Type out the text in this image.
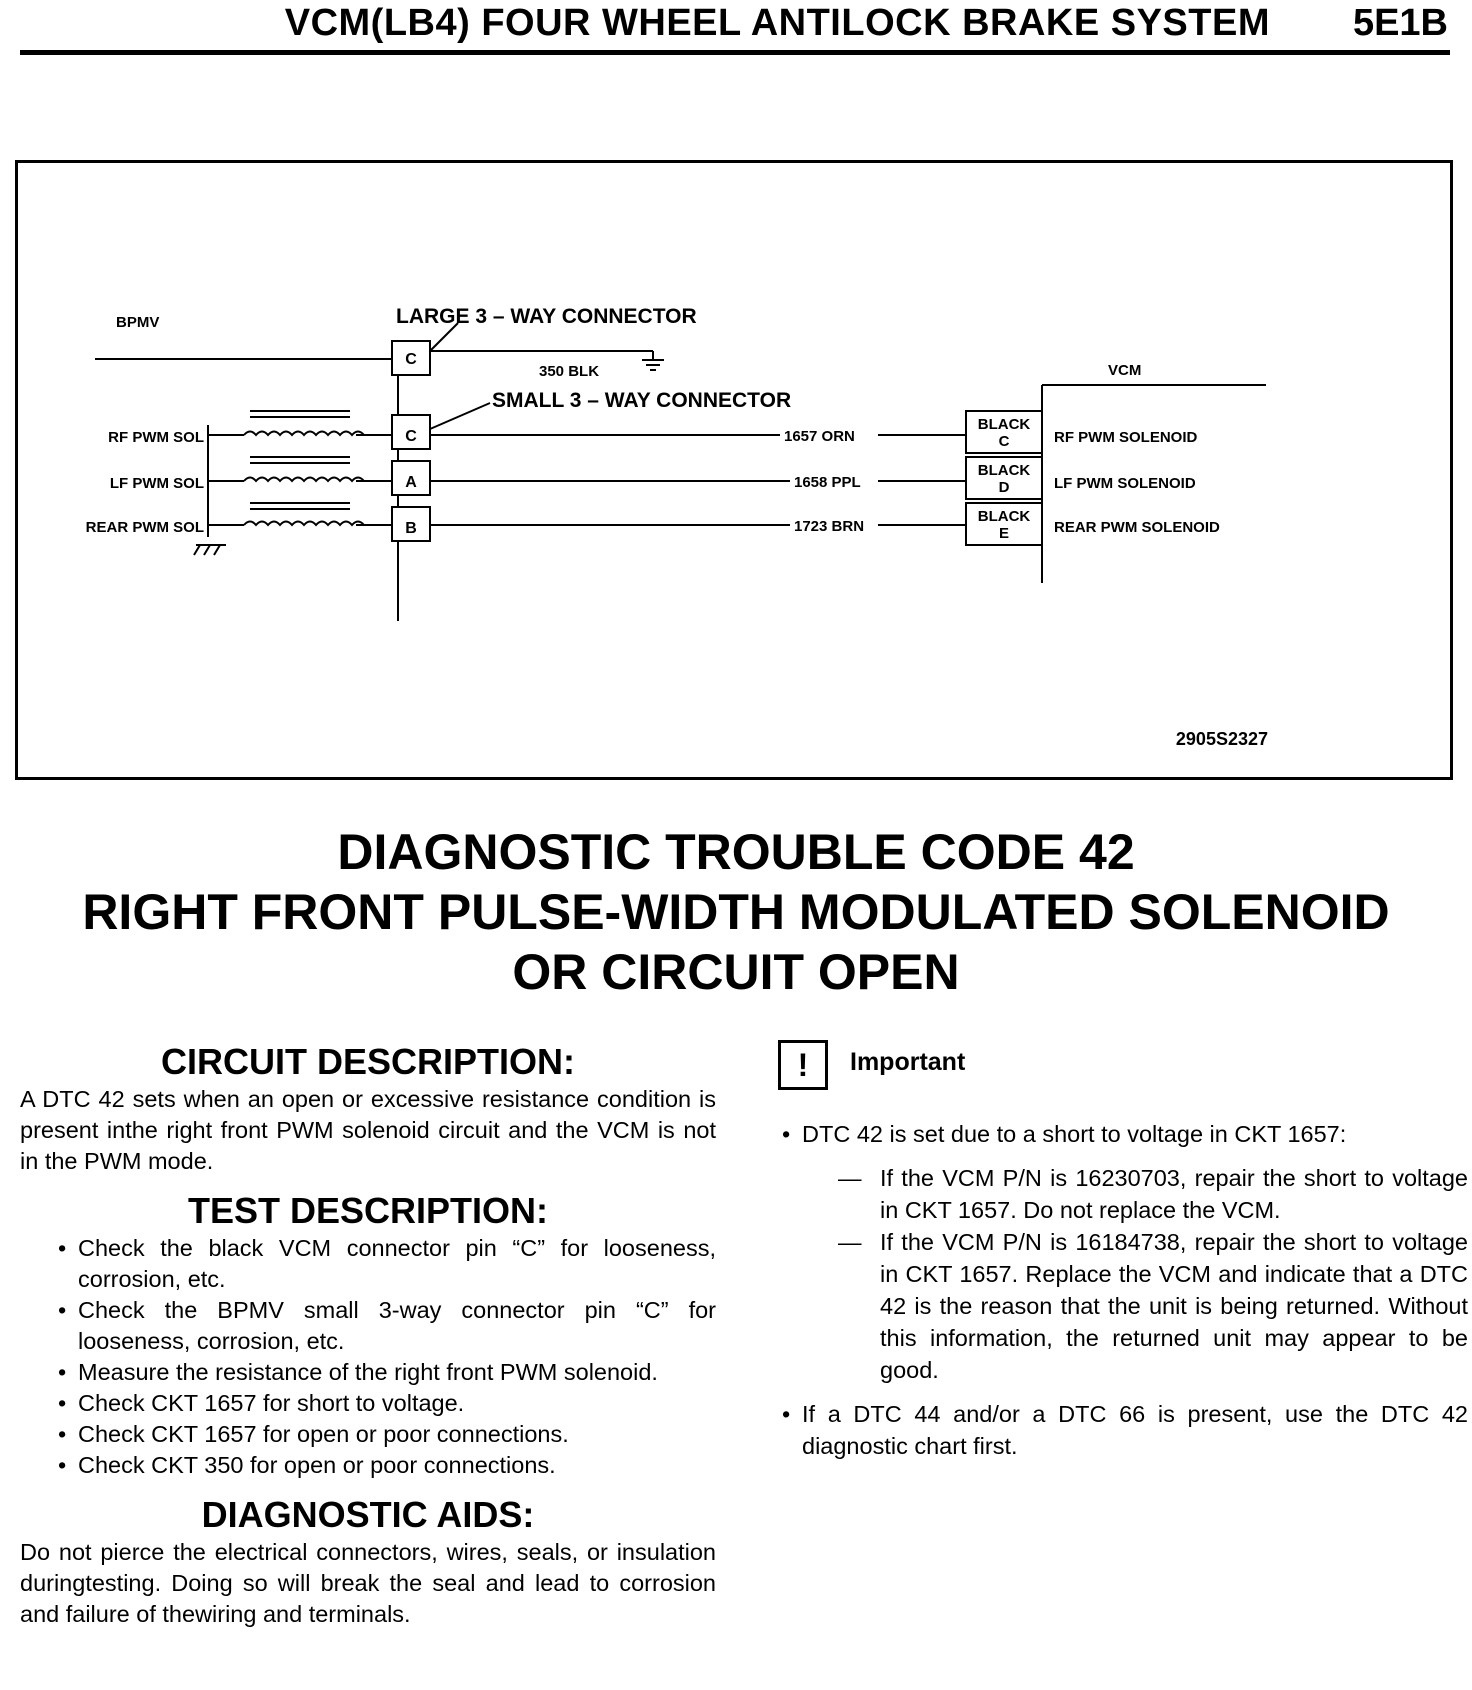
VCM(LB4) FOUR WHEEL ANTILOCK BRAKE SYSTEM 5E1B
BPMV	LARGE 3 – WAY CONNECTOR
C
350 BLK
SMALL 3 – WAY CONNECTOR
VCM
RF PWM SOL
LF PWM SOL
REAR PWM SOL
C
A
B
1657 ORN
1658 PPL
1723 BRN
BLACK
C
BLACK
D
BLACK
E
RF PWM SOLENOID
LF PWM SOLENOID
REAR PWM SOLENOID
2905S2327
DIAGNOSTIC TROUBLE CODE 42
RIGHT FRONT PULSE-WIDTH MODULATED SOLENOID
OR CIRCUIT OPEN
CIRCUIT DESCRIPTION:

A DTC 42 sets when an open or excessive resistance condition is present inthe right front PWM solenoid circuit and the VCM is not in the PWM mode.

TEST DESCRIPTION:
• Check the black VCM connector pin “C” for looseness, corrosion, etc.
• Check the BPMV small 3-way connector pin “C” for looseness, corrosion, etc.
• Measure the resistance of the right front PWM solenoid.
• Check CKT 1657 for short to voltage.
• Check CKT 1657 for open or poor connections.
• Check CKT 350 for open or poor connections.
DIAGNOSTIC AIDS:

Do not pierce the electrical connectors, wires, seals, or insulation duringtesting. Doing so will break the seal and lead to corrosion and failure of thewiring and terminals.

!	Important
• DTC 42 is set due to a short to voltage in CKT 1657:
— If the VCM P/N is 16230703, repair the short to voltage in CKT 1657. Do not replace the VCM.
— If the VCM P/N is 16184738, repair the short to voltage in CKT 1657. Replace the VCM and indicate that a DTC 42 is the reason that the unit is being returned. Without this information, the returned unit may appear to be good.
• If a DTC 44 and/or a DTC 66 is present, use the DTC 42 diagnostic chart first.
